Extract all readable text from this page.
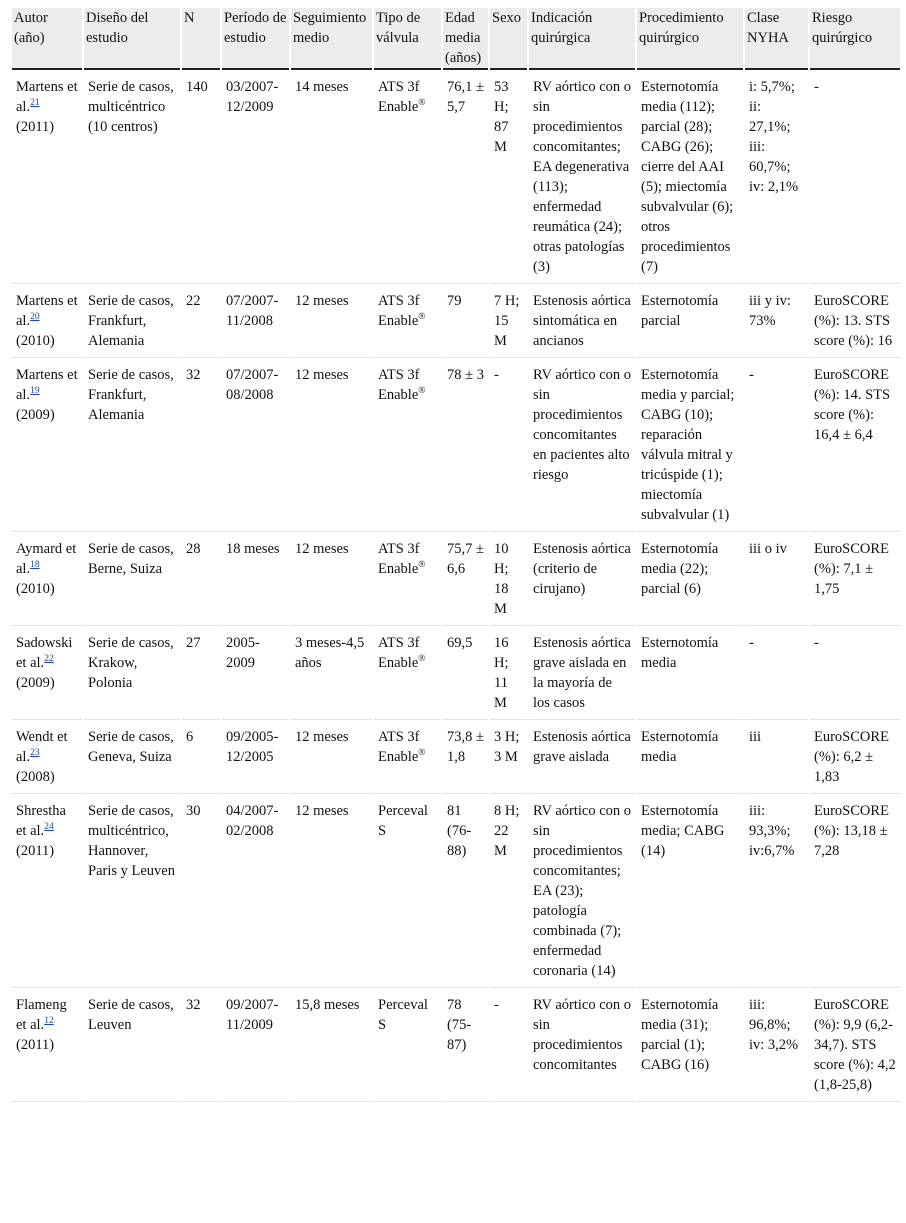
Autor (año)	Diseño del estudio	N	Período de estudio	Seguimiento medio	Tipo de válvula	Edad media (años)	Sexo	Indicación quirúrgica	Procedimiento quirúrgico	Clase NYHA	Riesgo quirúrgico
Martens et al.$^{21}$
(2011)	Serie de casos, multicéntrico (10 centros)	140	03/2007-12/2009	14 meses	ATS 3f Enable®	76,1 ± 5,7	53 H; 87 M	RV aórtico con o sin procedimientos concomitantes; EA degenerativa (113); enfermedad reumática (24); otras patologías (3)	Esternotomía media (112); parcial (28); CABG (26); cierre del AAI (5); miectomía subvalvular (6); otros procedimientos (7)	i: 5,7%; ii: 27,1%; iii: 60,7%; iv: 2,1%	-
Martens et al.$^{20}$
(2010)	Serie de casos, Frankfurt, Alemania	22	07/2007-11/2008	12 meses	ATS 3f Enable®	79	7 H; 15 M	Estenosis aórtica sintomática en ancianos	Esternotomía parcial	iii y iv: 73%	EuroSCORE (%): 13. STS score (%): 16
Martens et al.$^{19}$
(2009)	Serie de casos, Frankfurt, Alemania	32	07/2007-08/2008	12 meses	ATS 3f Enable®	78 ± 3	-	RV aórtico con o sin procedimientos concomitantes en pacientes alto riesgo	Esternotomía media y parcial; CABG (10); reparación válvula mitral y tricúspide (1); miectomía subvalvular (1)	-	EuroSCORE (%): 14. STS score (%): 16,4 ± 6,4
Aymard et al.$^{18}$
(2010)	Serie de casos, Berne, Suiza	28	18 meses	12 meses	ATS 3f Enable®	75,7 ± 6,6	10 H; 18 M	Estenosis aórtica (criterio de cirujano)	Esternotomía media (22); parcial (6)	iii o iv	EuroSCORE (%): 7,1 ± 1,75
Sadowski et al.$^{22}$
(2009)	Serie de casos, Krakow, Polonia	27	2005-2009	3 meses-4,5 años	ATS 3f Enable®	69,5	16 H; 11 M	Estenosis aórtica grave aislada en la mayoría de los casos	Esternotomía media	-	-
Wendt et al.$^{23}$
(2008)	Serie de casos, Geneva, Suiza	6	09/2005-12/2005	12 meses	ATS 3f Enable®	73,8 ± 1,8	3 H; 3 M	Estenosis aórtica grave aislada	Esternotomía media	iii	EuroSCORE (%): 6,2 ± 1,83
Shrestha et al.$^{24}$
(2011)	Serie de casos, multicéntrico, Hannover, Paris y Leuven	30	04/2007-02/2008	12 meses	Perceval S	81 (76-88)	8 H; 22 M	RV aórtico con o sin procedimientos concomitantes; EA (23); patología combinada (7); enfermedad coronaria (14)	Esternotomía media; CABG (14)	iii: 93,3%; iv:6,7%	EuroSCORE (%): 13,18 ± 7,28
Flameng et al.$^{12}$
(2011)	Serie de casos, Leuven	32	09/2007-11/2009	15,8 meses	Perceval S	78 (75-87)	-	RV aórtico con o sin procedimientos concomitantes	Esternotomía media (31); parcial (1); CABG (16)	iii: 96,8%; iv: 3,2%	EuroSCORE (%): 9,9 (6,2-34,7). STS score (%): 4,2 (1,8-25,8)
